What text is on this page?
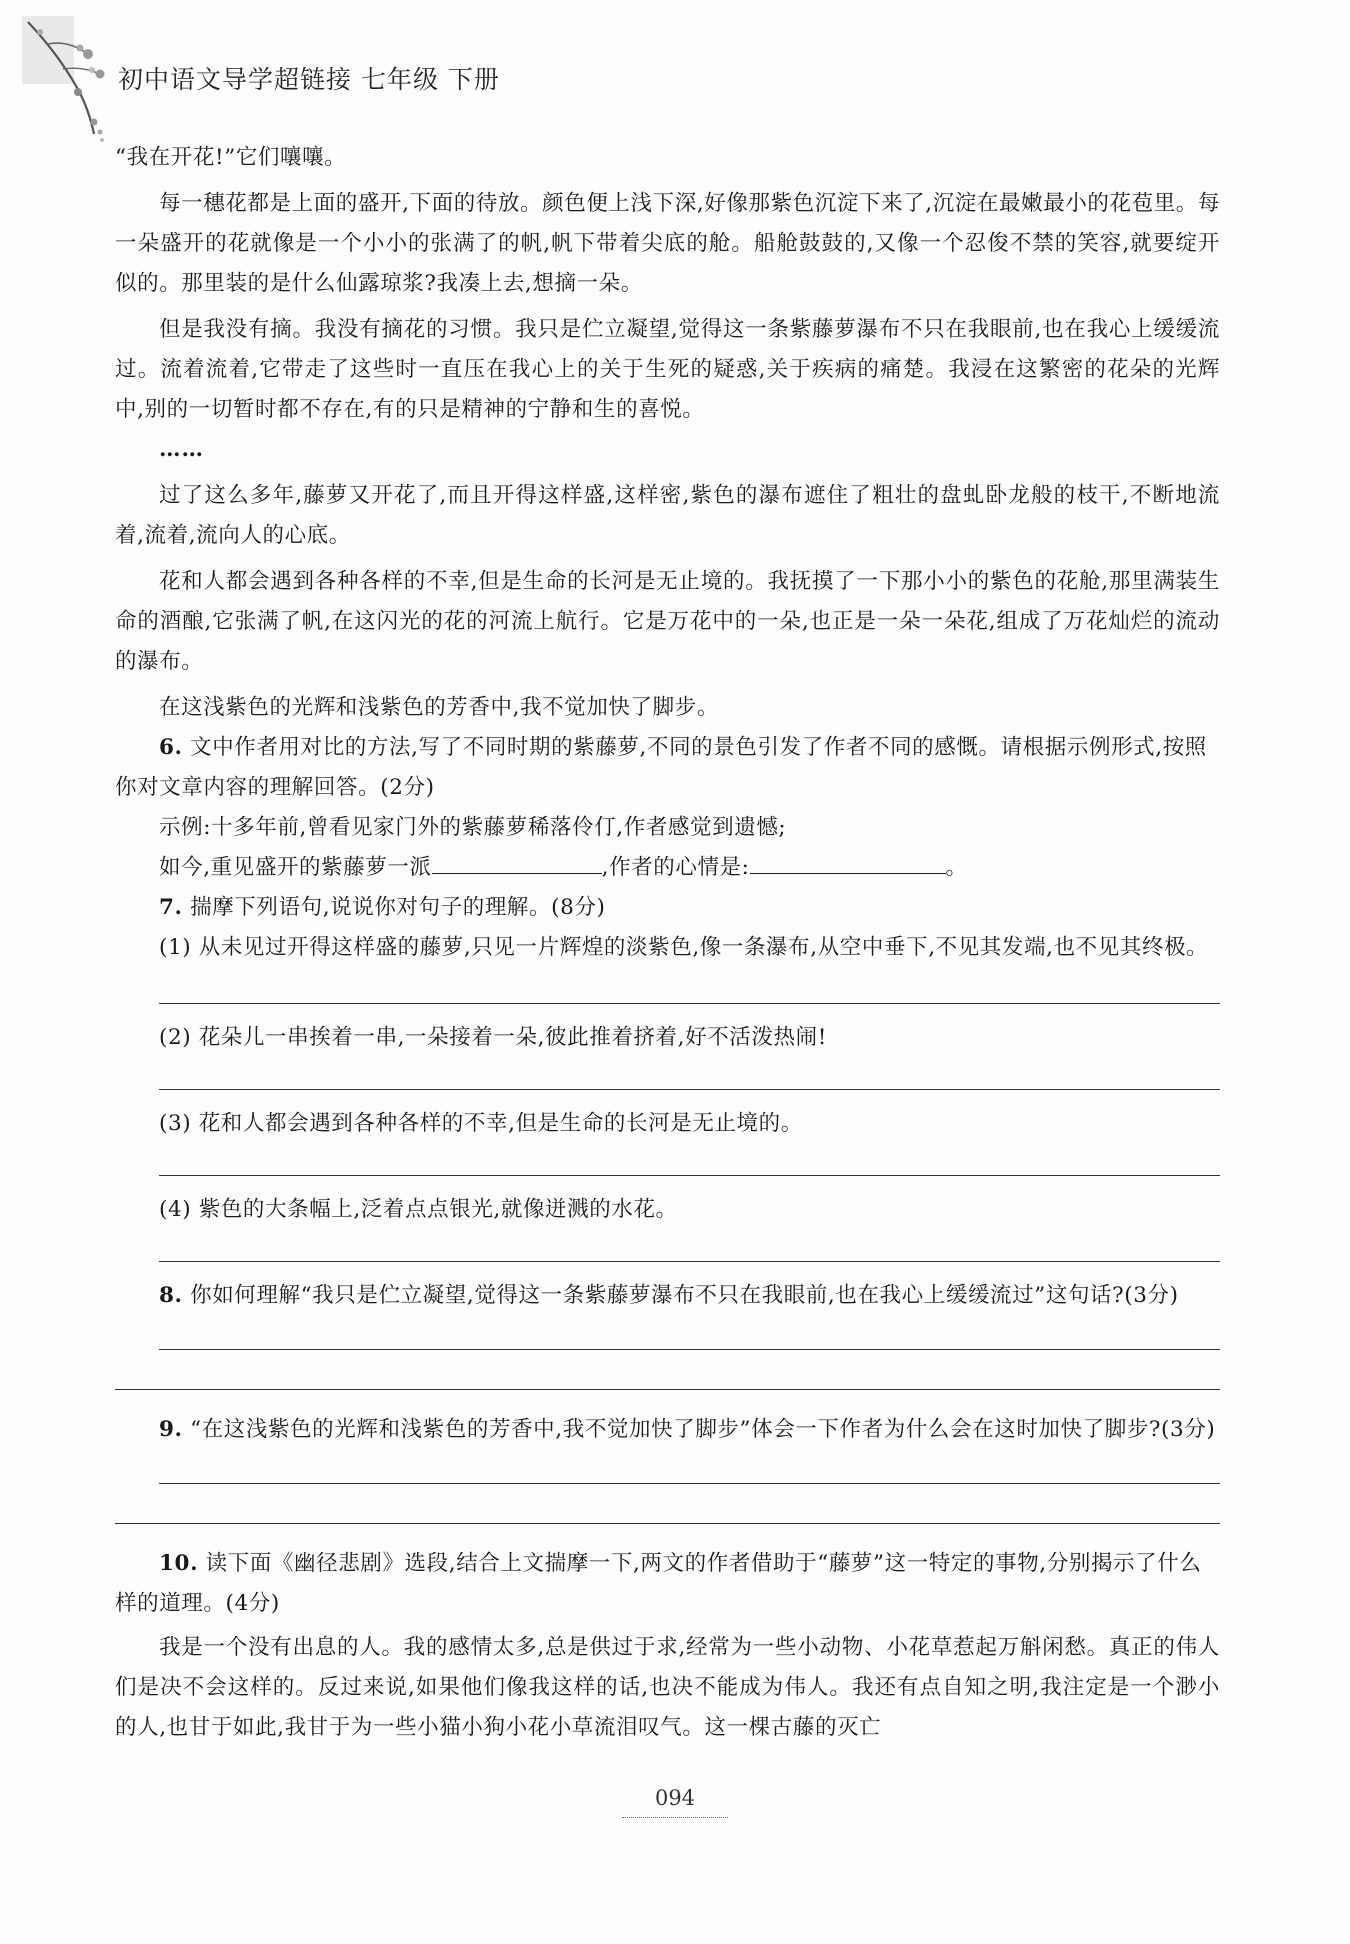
初中语文导学超链接 七年级 下册

“我在开花!”它们嚷嚷。

每一穗花都是上面的盛开,下面的待放。颜色便上浅下深,好像那紫色沉淀下来了,沉淀在最嫩最小的花苞里。每一朵盛开的花就像是一个小小的张满了的帆,帆下带着尖底的舱。船舱鼓鼓的,又像一个忍俊不禁的笑容,就要绽开似的。那里装的是什么仙露琼浆?我凑上去,想摘一朵。

但是我没有摘。我没有摘花的习惯。我只是伫立凝望,觉得这一条紫藤萝瀑布不只在我眼前,也在我心上缓缓流过。流着流着,它带走了这些时一直压在我心上的关于生死的疑惑,关于疾病的痛楚。我浸在这繁密的花朵的光辉中,别的一切暂时都不存在,有的只是精神的宁静和生的喜悦。

……

过了这么多年,藤萝又开花了,而且开得这样盛,这样密,紫色的瀑布遮住了粗壮的盘虬卧龙般的枝干,不断地流着,流着,流向人的心底。

花和人都会遇到各种各样的不幸,但是生命的长河是无止境的。我抚摸了一下那小小的紫色的花舱,那里满装生命的酒酿,它张满了帆,在这闪光的花的河流上航行。它是万花中的一朵,也正是一朵一朵花,组成了万花灿烂的流动的瀑布。

在这浅紫色的光辉和浅紫色的芳香中,我不觉加快了脚步。

6. 文中作者用对比的方法,写了不同时期的紫藤萝,不同的景色引发了作者不同的感慨。请根据示例形式,按照你对文章内容的理解回答。(2分)

示例:十多年前,曾看见家门外的紫藤萝稀落伶仃,作者感觉到遗憾;

如今,重见盛开的紫藤萝一派	,作者的心情是:	。

7. 揣摩下列语句,说说你对句子的理解。(8分)

(1) 从未见过开得这样盛的藤萝,只见一片辉煌的淡紫色,像一条瀑布,从空中垂下,不见其发端,也不见其终极。

(2) 花朵儿一串挨着一串,一朵接着一朵,彼此推着挤着,好不活泼热闹!

(3) 花和人都会遇到各种各样的不幸,但是生命的长河是无止境的。

(4) 紫色的大条幅上,泛着点点银光,就像迸溅的水花。

8. 你如何理解“我只是伫立凝望,觉得这一条紫藤萝瀑布不只在我眼前,也在我心上缓缓流过”这句话?(3分)

9. “在这浅紫色的光辉和浅紫色的芳香中,我不觉加快了脚步”体会一下作者为什么会在这时加快了脚步?(3分)

10. 读下面《幽径悲剧》选段,结合上文揣摩一下,两文的作者借助于“藤萝”这一特定的事物,分别揭示了什么样的道理。(4分)

我是一个没有出息的人。我的感情太多,总是供过于求,经常为一些小动物、小花草惹起万斛闲愁。真正的伟人们是决不会这样的。反过来说,如果他们像我这样的话,也决不能成为伟人。我还有点自知之明,我注定是一个渺小的人,也甘于如此,我甘于为一些小猫小狗小花小草流泪叹气。这一棵古藤的灭亡

094
